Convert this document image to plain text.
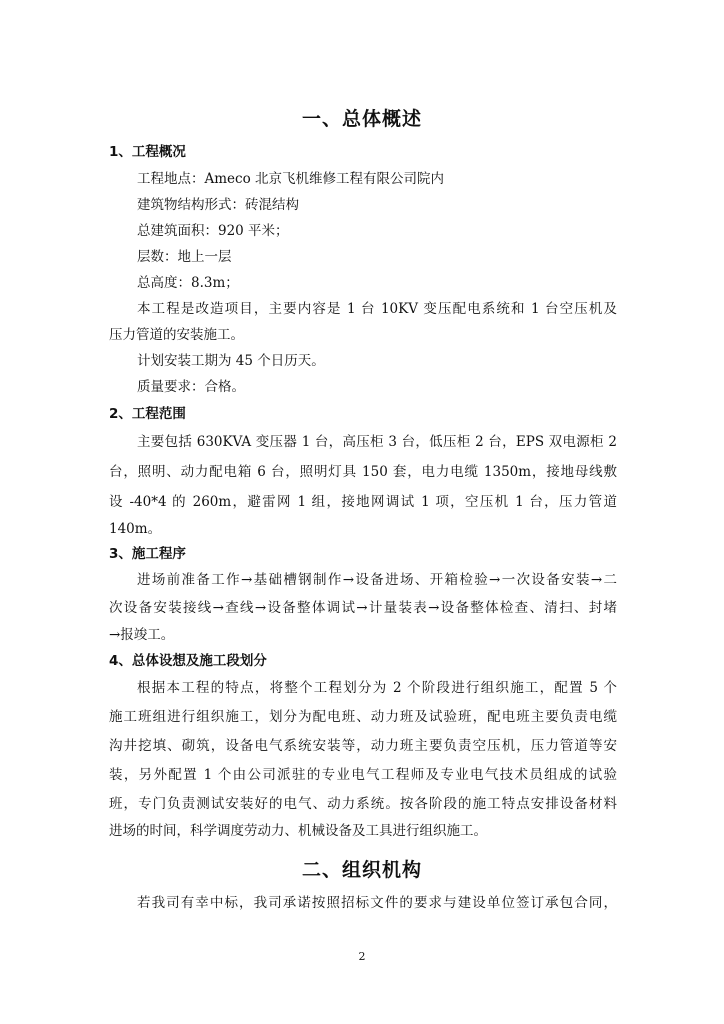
一、总体概述
1、工程概况
工程地点：Ameco 北京飞机维修工程有限公司院内
建筑物结构形式：砖混结构
总建筑面积：920 平米；
层数：地上一层
总高度：8.3m；
本工程是改造项目，主要内容是 1 台 10KV 变压配电系统和 1 台空压机及
压力管道的安装施工。
计划安装工期为 45 个日历天。
质量要求：合格。
2、工程范围
主要包括 630KVA 变压器 1 台，高压柜 3 台，低压柜 2 台，EPS 双电源柜 2
台，照明、动力配电箱 6 台，照明灯具 150 套，电力电缆 1350m，接地母线敷
设 -40*4 的 260m，避雷网 1 组，接地网调试 1 项，空压机 1 台，压力管道
140m。
3、施工程序
进场前准备工作→基础槽钢制作→设备进场、开箱检验→一次设备安装→二
次设备安装接线→查线→设备整体调试→计量装表→设备整体检查、清扫、封堵
→报竣工。
4、总体设想及施工段划分
根据本工程的特点，将整个工程划分为 2 个阶段进行组织施工，配置 5 个
施工班组进行组织施工，划分为配电班、动力班及试验班，配电班主要负责电缆
沟井挖填、砌筑，设备电气系统安装等，动力班主要负责空压机，压力管道等安
装，另外配置 1 个由公司派驻的专业电气工程师及专业电气技术员组成的试验
班，专门负责测试安装好的电气、动力系统。按各阶段的施工特点安排设备材料
进场的时间，科学调度劳动力、机械设备及工具进行组织施工。
二、组织机构
若我司有幸中标，我司承诺按照招标文件的要求与建设单位签订承包合同，
2
